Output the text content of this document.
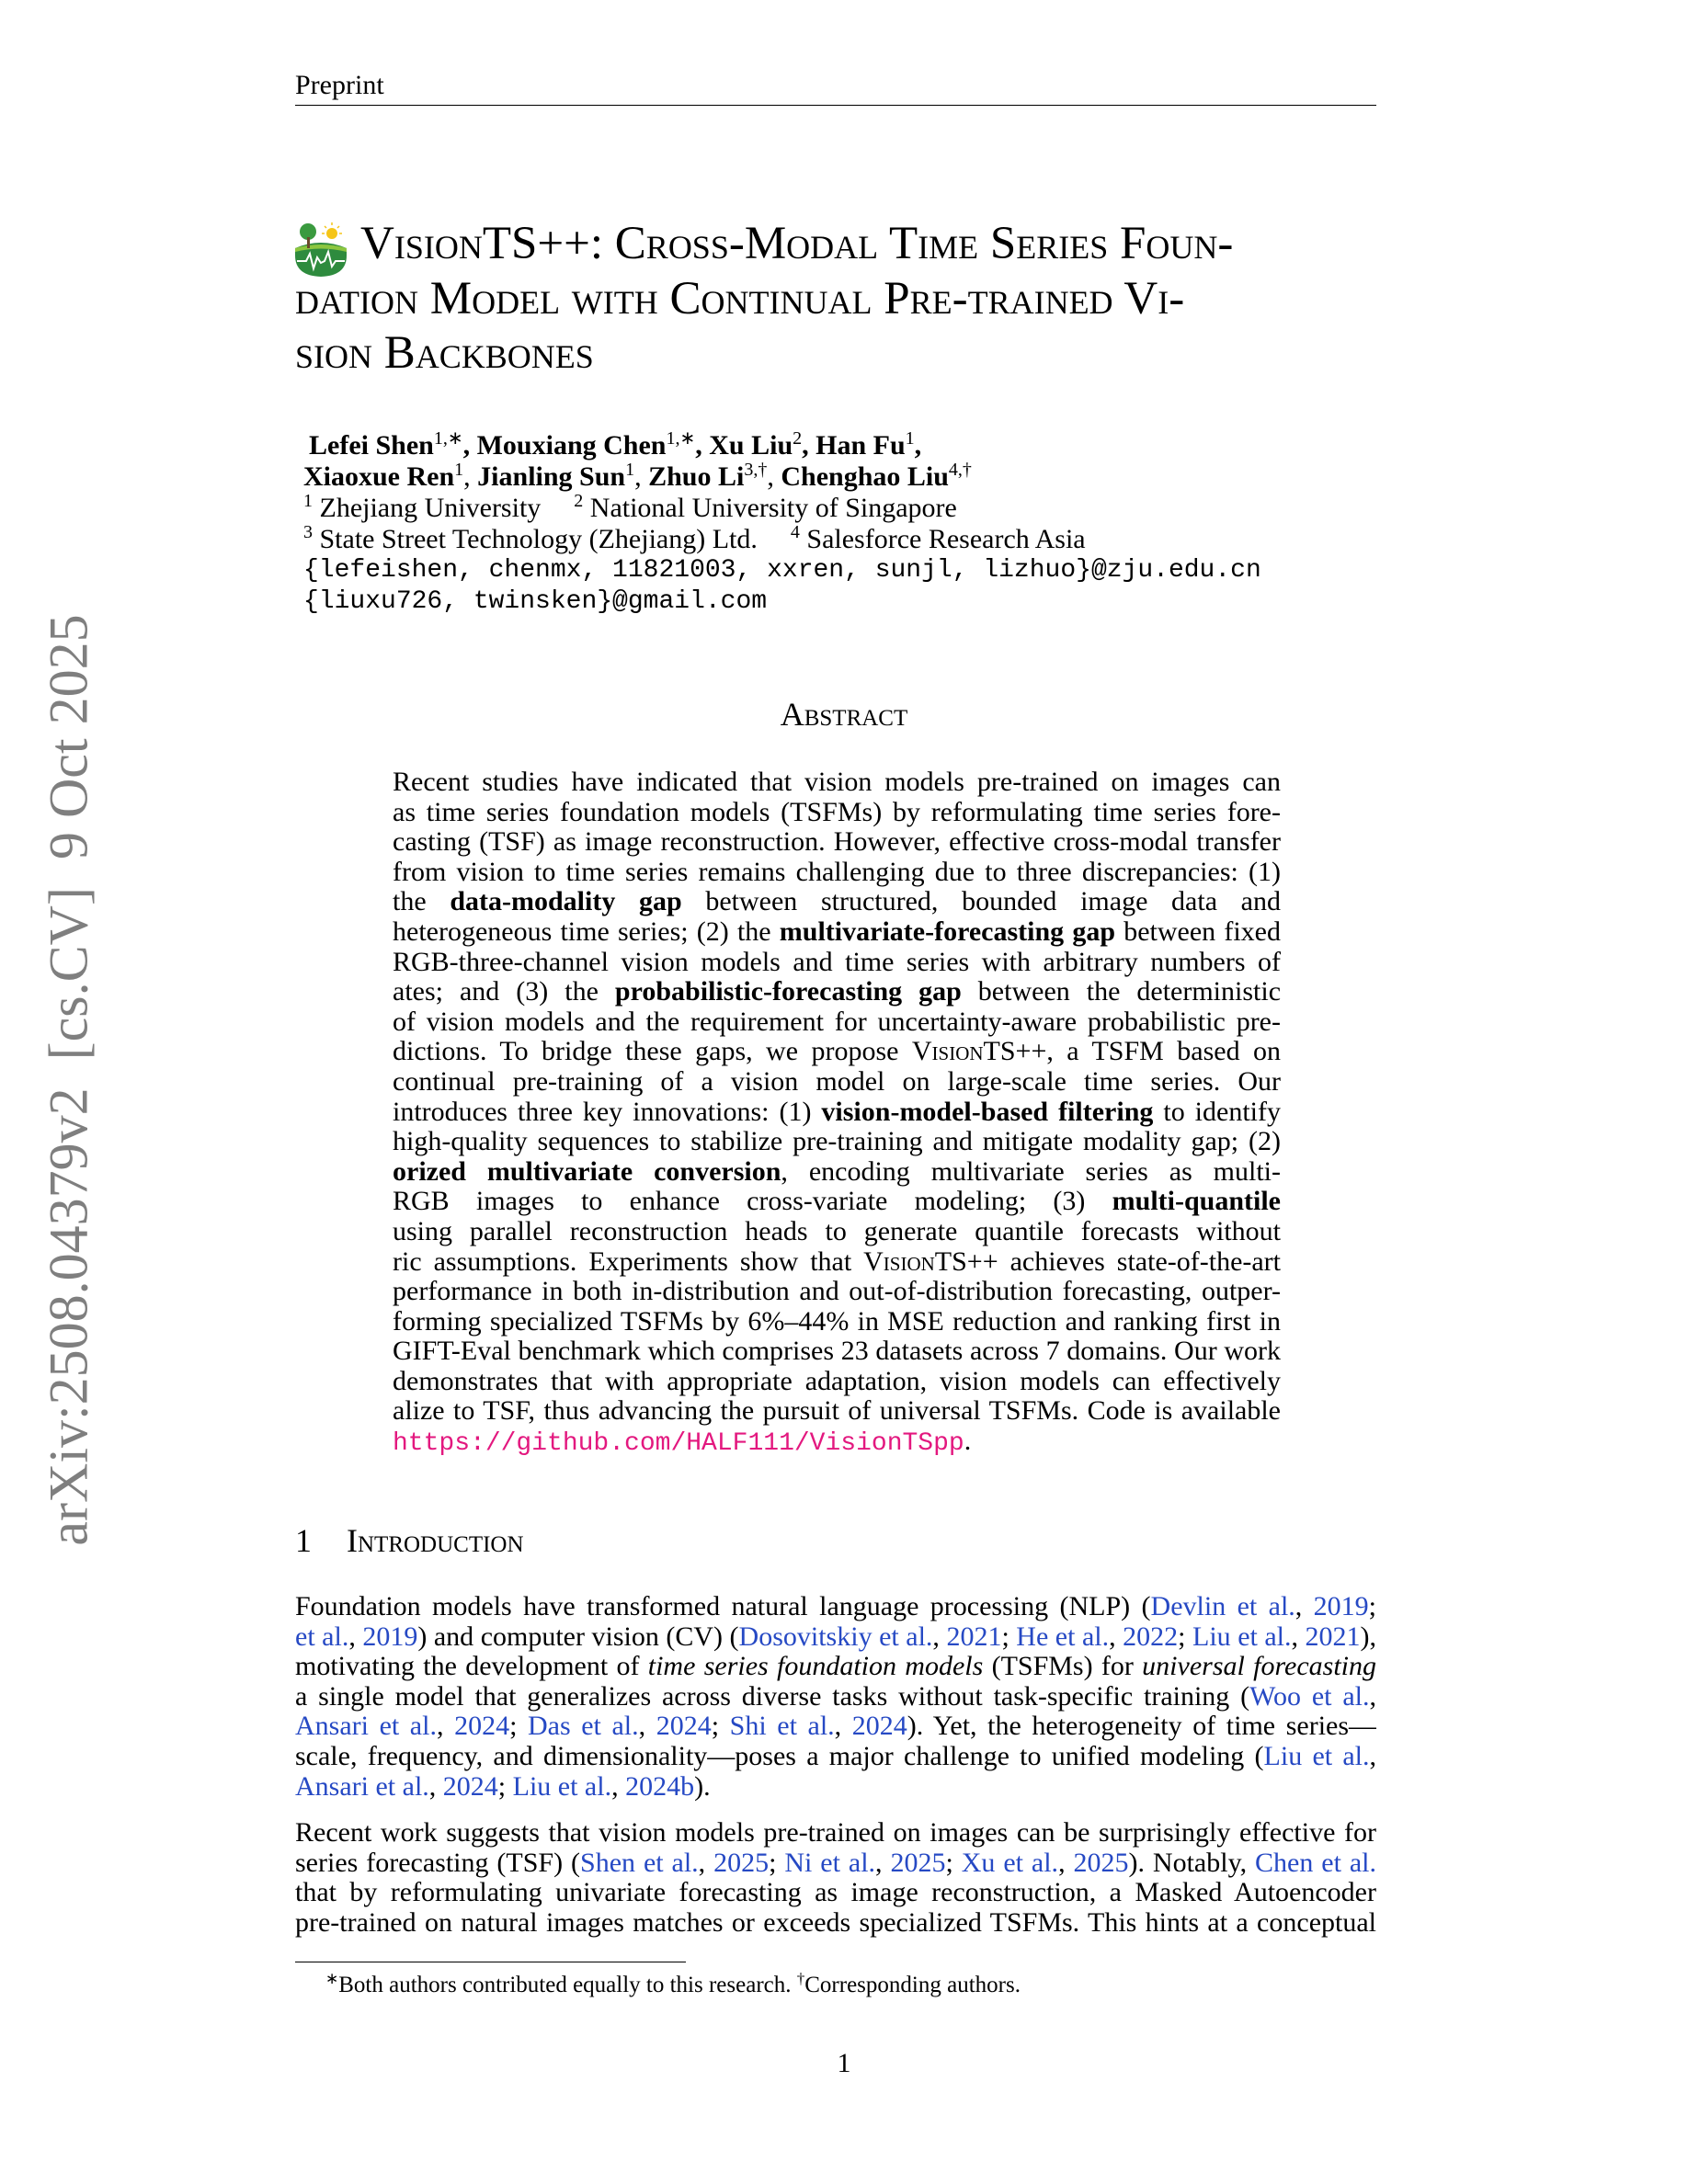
arXiv:2508.04379v2  [cs.CV]  9 Oct 2025
Preprint
VisionTS++: Cross-Modal Time Series Foun-
dation Model with Continual Pre-trained Vi-
sion Backbones
Lefei Shen$^{1,∗}$, Mouxiang Chen$^{1,∗}$, Xu Liu$^2$, Han Fu$^1$,
Xiaoxue Ren$^1$, Jianling Sun$^1$, Zhuo $Li^{3,\dagger}$, Chenghao Liu$^{4,\dagger}$
$^1$ Zhejiang University $^2$ National University of Singapore
$^3$ State Street Technology (Zhejiang) Ltd. $^4$ Salesforce Research Asia
{lefeishen, chenmx, 11821003, xxren, sunjl, lizhuo}@zju.edu.cn
{liuxu726, twinsken}@gmail.com
Abstract
Recent studies have indicated that vision models pre-trained on images can
as time series foundation models (TSFMs) by reformulating time series fore-
casting (TSF) as image reconstruction. However, effective cross-modal transfer
from vision to time series remains challenging due to three discrepancies: (1)
the data-modality gap between structured, bounded image data and
heterogeneous time series; (2) the multivariate-forecasting gap between fixed
RGB-three-channel vision models and time series with arbitrary numbers of
ates; and (3) the probabilistic-forecasting gap between the deterministic
of vision models and the requirement for uncertainty-aware probabilistic pre-
dictions. To bridge these gaps, we propose VisionTS++, a TSFM based on
continual pre-training of a vision model on large-scale time series. Our
introduces three key innovations: (1) vision-model-based filtering to identify
high-quality sequences to stabilize pre-training and mitigate modality gap; (2)
orized multivariate conversion, encoding multivariate series as multi-
RGB images to enhance cross-variate modeling; (3) multi-quantile
using parallel reconstruction heads to generate quantile forecasts without
ric assumptions. Experiments show that VisionTS++ achieves state-of-the-art
performance in both in-distribution and out-of-distribution forecasting, outper-
forming specialized TSFMs by 6%–44% in MSE reduction and ranking first in
GIFT-Eval benchmark which comprises 23 datasets across 7 domains. Our work
demonstrates that with appropriate adaptation, vision models can effectively
alize to TSF, thus advancing the pursuit of universal TSFMs. Code is available
https://github.com/HALF111/VisionTSpp.
1 Introduction
Foundation models have transformed natural language processing (NLP) (Devlin et al., 2019;
et al., 2019) and computer vision (CV) (Dosovitskiy et al., 2021; He et al., 2022; Liu et al., 2021),
motivating the development of time series foundation models (TSFMs) for universal forecasting
a single model that generalizes across diverse tasks without task-specific training (Woo et al.,
Ansari et al., 2024; Das et al., 2024; Shi et al., 2024). Yet, the heterogeneity of time series—
scale, frequency, and dimensionality—poses a major challenge to unified modeling (Liu et al.,
Ansari et al., 2024; Liu et al., 2024b).
Recent work suggests that vision models pre-trained on images can be surprisingly effective for
series forecasting (TSF) (Shen et al., 2025; Ni et al., 2025; Xu et al., 2025). Notably, Chen et al.
that by reformulating univariate forecasting as image reconstruction, a Masked Autoencoder
pre-trained on natural images matches or exceeds specialized TSFMs. This hints at a conceptual
∗Both authors contributed equally to this research. †Corresponding authors.
1
